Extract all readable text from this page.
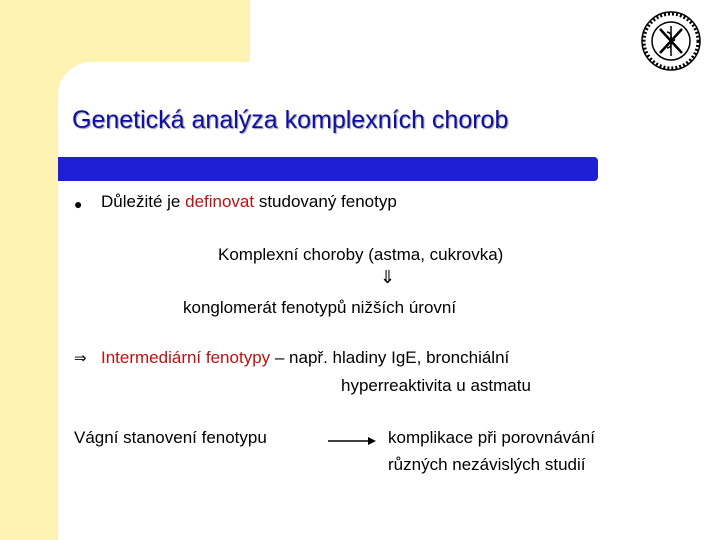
Genetická analýza komplexních chorob
● Důležité je definovat studovaný fenotyp
Komplexní choroby (astma, cukrovka)
⇓
konglomerát fenotypů nižších úrovní
⇒ Intermediární fenotypy – např. hladiny IgE, bronchiální
hyperreaktivita u astmatu
Vágní stanovení fenotypu	komplikace při porovnávání
různých nezávislých studií
